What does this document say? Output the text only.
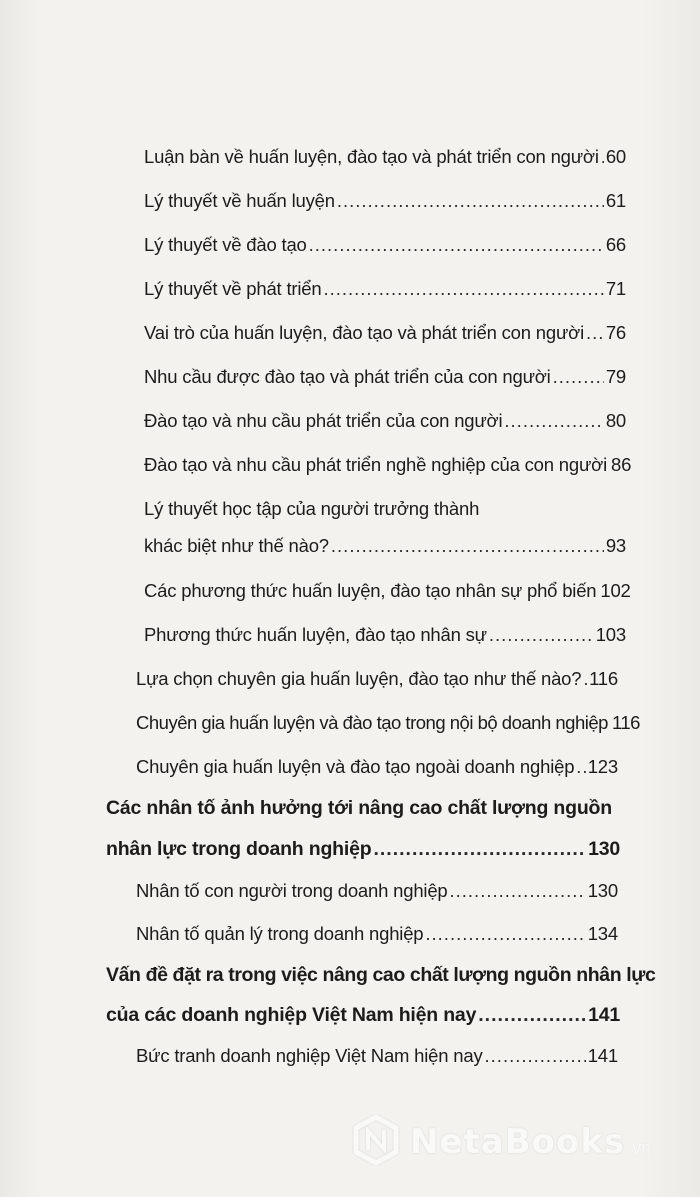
Luận bàn về huấn luyện, đào tạo và phát triển con người ..... 60
Lý thuyết về huấn luyện .....	61
Lý thuyết về đào tạo .....	66
Lý thuyết về phát triển .....	71
Vai trò của huấn luyện, đào tạo và phát triển con người ..... 76
Nhu cầu được đào tạo và phát triển của con người .....	79
Đào tạo và nhu cầu phát triển của con người .....	80
Đào tạo và nhu cầu phát triển nghề nghiệp của con người 86
Lý thuyết học tập của người trưởng thành
khác biệt như thế nào? .....	93
Các phương thức huấn luyện, đào tạo nhân sự phổ biến 102
Phương thức huấn luyện, đào tạo nhân sự .....	103
Lựa chọn chuyên gia huấn luyện, đào tạo như thế nào? ..... 116
Chuyên gia huấn luyện và đào tạo trong nội bộ doanh nghiệp 116
Chuyên gia huấn luyện và đào tạo ngoài doanh nghiệp ..... 123
Các nhân tố ảnh hưởng tới nâng cao chất lượng nguồn
nhân lực trong doanh nghiệp .....	130
Nhân tố con người trong doanh nghiệp .....	130
Nhân tố quản lý trong doanh nghiệp .....	134
Vấn đề đặt ra trong việc nâng cao chất lượng nguồn nhân lực
của các doanh nghiệp Việt Nam hiện nay .....	141
Bức tranh doanh nghiệp Việt Nam hiện nay .....	141
NetaBooks .vn
